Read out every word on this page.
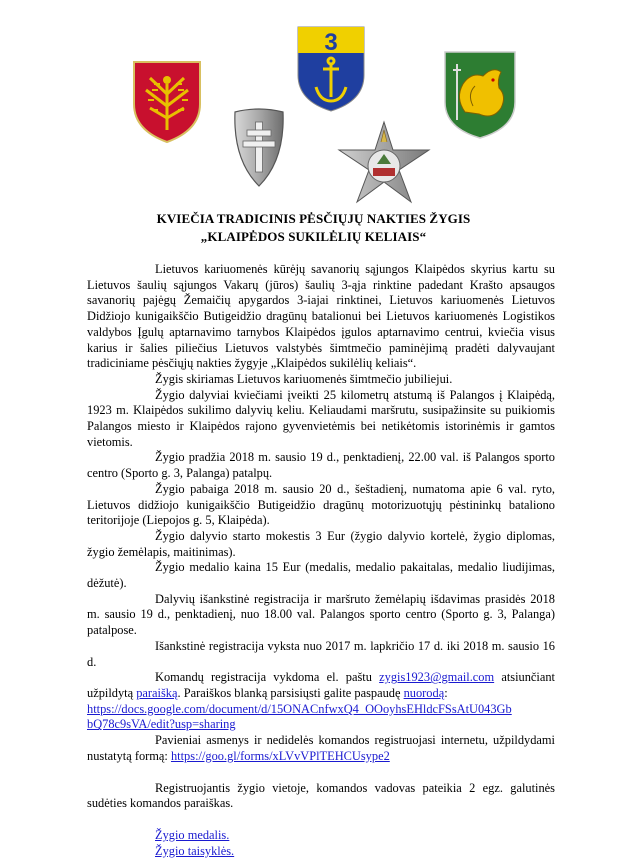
3
KVIEČIA TRADICINIS PĖSČIŲJŲ NAKTIES ŽYGIS
„KLAIPĖDOS SUKILĖLIŲ KELIAIS“

Lietuvos kariuomenės kūrėjų savanorių sąjungos Klaipėdos skyrius kartu su Lietuvos šaulių sąjungos Vakarų (jūros) šaulių 3-ąja rinktine padedant Krašto apsaugos savanorių pajėgų Žemaičių apygardos 3-iajai rinktinei, Lietuvos kariuomenės Lietuvos Didžiojo kunigaikščio Butigeidžio dragūnų batalionui bei Lietuvos kariuomenės Logistikos valdybos Įgulų aptarnavimo tarnybos Klaipėdos įgulos aptarnavimo centrui, kviečia visus karius ir šalies piliečius Lietuvos valstybės šimtmečio paminėjimą pradėti dalyvaujant tradiciniame pėsčiųjų nakties žygyje „Klaipėdos sukilėlių keliais“.

Žygis skiriamas Lietuvos kariuomenės šimtmečio jubiliejui.

Žygio dalyviai kviečiami įveikti 25 kilometrų atstumą iš Palangos į Klaipėdą, 1923 m. Klaipėdos sukilimo dalyvių keliu. Keliaudami maršrutu, susipažinsite su puikiomis Palangos miesto ir Klaipėdos rajono gyvenvietėmis bei netikėtomis istorinėmis ir gamtos vietomis.

Žygio pradžia 2018 m. sausio 19 d., penktadienį, 22.00 val. iš Palangos sporto centro (Sporto g. 3, Palanga) patalpų.

Žygio pabaiga 2018 m. sausio 20 d., šeštadienį, numatoma apie 6 val. ryto, Lietuvos didžiojo kunigaikščio Butigeidžio dragūnų motorizuotųjų pėstininkų bataliono teritorijoje (Liepojos g. 5, Klaipėda).

Žygio dalyvio starto mokestis 3 Eur (žygio dalyvio kortelė, žygio diplomas, žygio žemėlapis, maitinimas).

Žygio medalio kaina 15 Eur (medalis, medalio pakaitalas, medalio liudijimas, dėžutė).

Dalyvių išankstinė registracija ir maršruto žemėlapių išdavimas prasidės 2018 m. sausio 19 d., penktadienį, nuo 18.00 val. Palangos sporto centro (Sporto g. 3, Palanga) patalpose.

Išankstinė registracija vyksta nuo 2017 m. lapkričio 17 d. iki 2018 m. sausio 16 d.

Komandų registracija vykdoma el. paštu zygis1923@gmail.com atsiunčiant užpildytą paraišką. Paraiškos blanką parsisiųsti galite paspaudę nuorodą:

https://docs.google.com/document/d/15ONACnfwxQ4_OOoyhsEHldcFSsAtU043Gb
bQ78c9sVA/edit?usp=sharing

Pavieniai asmenys ir nedidelės komandos registruojasi internetu, užpildydami nustatytą formą: https://goo.gl/forms/xLVvVPlTEHCUsype2

Registruojantis žygio vietoje, komandos vadovas pateikia 2 egz. galutinės sudėties komandos paraiškas.

Žygio medalis.
Žygio taisyklės.
